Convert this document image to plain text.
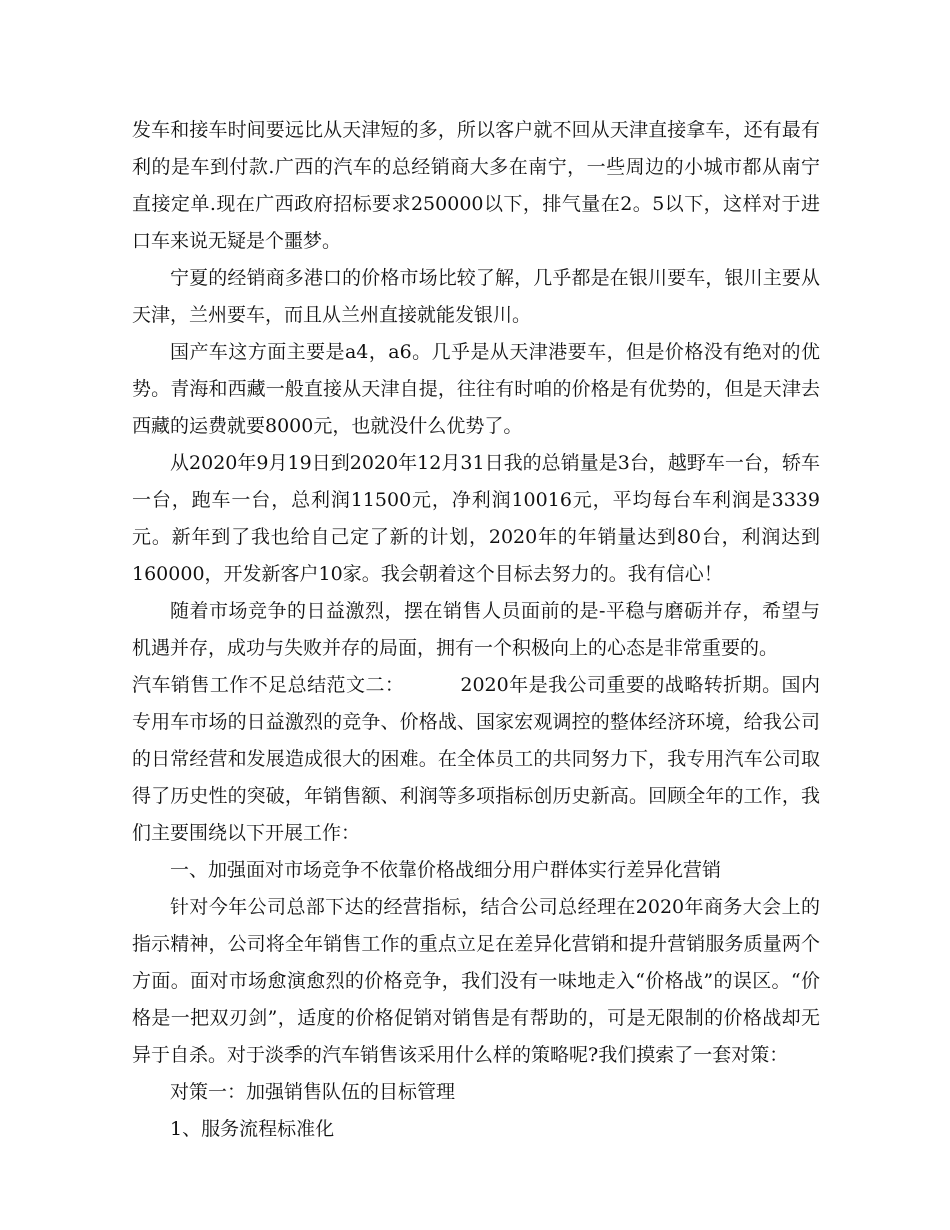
发车和接车时间要远比从天津短的多，所以客户就不回从天津直接拿车，还有最有利的是车到付款.广西的汽车的总经销商大多在南宁，一些周边的小城市都从南宁直接定单.现在广西政府招标要求250000以下，排气量在2。5以下，这样对于进口车来说无疑是个噩梦。

宁夏的经销商多港口的价格市场比较了解，几乎都是在银川要车，银川主要从天津，兰州要车，而且从兰州直接就能发银川。

国产车这方面主要是a4，a6。几乎是从天津港要车，但是价格没有绝对的优势。青海和西藏一般直接从天津自提，往往有时咱的价格是有优势的，但是天津去西藏的运费就要8000元，也就没什么优势了。

从2020年9月19日到2020年12月31日我的总销量是3台，越野车一台，轿车一台，跑车一台，总利润11500元，净利润10016元，平均每台车利润是3339元。新年到了我也给自己定了新的计划，2020年的年销量达到80台，利润达到160000，开发新客户10家。我会朝着这个目标去努力的。我有信心！

随着市场竞争的日益激烈，摆在销售人员面前的是-平稳与磨砺并存，希望与机遇并存，成功与失败并存的局面，拥有一个积极向上的心态是非常重要的。

汽车销售工作不足总结范文二：	2020年是我公司重要的战略转折期。国内专用车市场的日益激烈的竞争、价格战、国家宏观调控的整体经济环境，给我公司的日常经营和发展造成很大的困难。在全体员工的共同努力下，我专用汽车公司取得了历史性的突破，年销售额、利润等多项指标创历史新高。回顾全年的工作，我们主要围绕以下开展工作：

一、加强面对市场竞争不依靠价格战细分用户群体实行差异化营销

针对今年公司总部下达的经营指标，结合公司总经理在2020年商务大会上的指示精神，公司将全年销售工作的重点立足在差异化营销和提升营销服务质量两个方面。面对市场愈演愈烈的价格竞争，我们没有一味地走入“价格战”的误区。“价格是一把双刃剑”，适度的价格促销对销售是有帮助的，可是无限制的价格战却无异于自杀。对于淡季的汽车销售该采用什么样的策略呢?我们摸索了一套对策：

对策一：加强销售队伍的目标管理

1、服务流程标准化
